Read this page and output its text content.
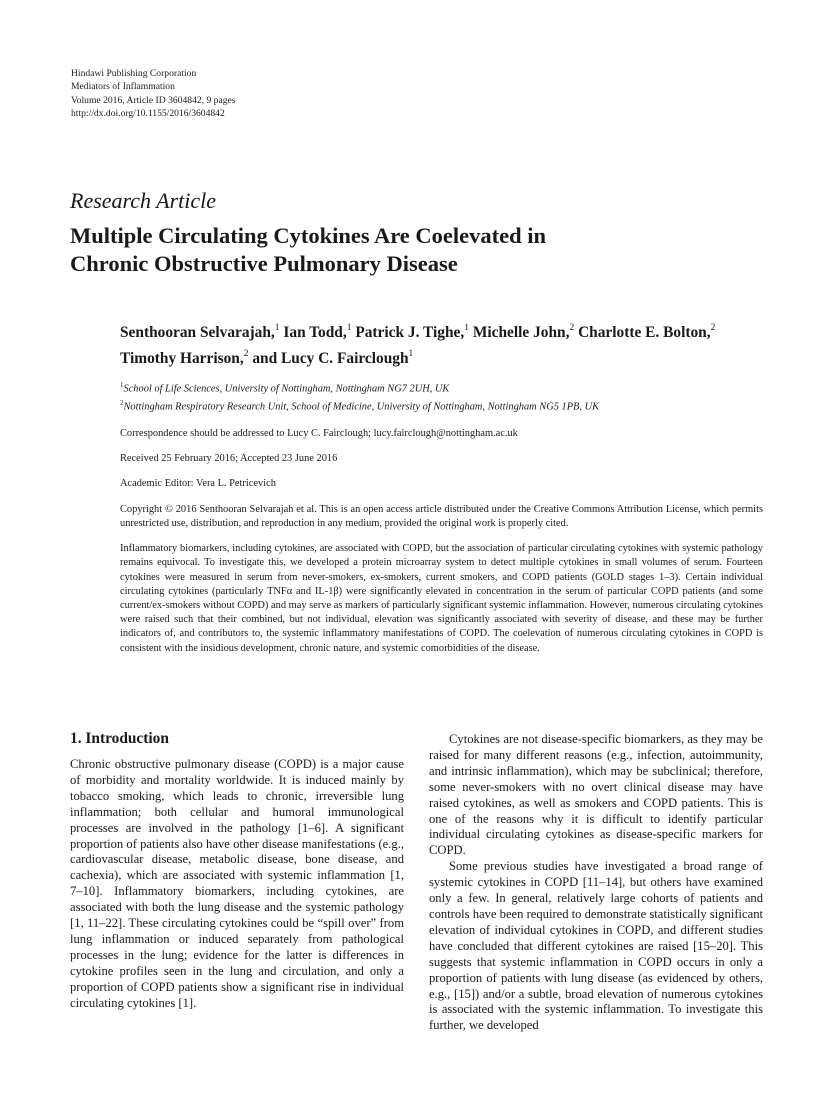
Hindawi Publishing Corporation
Mediators of Inflammation
Volume 2016, Article ID 3604842, 9 pages
http://dx.doi.org/10.1155/2016/3604842
Research Article
Multiple Circulating Cytokines Are Coelevated in
Chronic Obstructive Pulmonary Disease
Senthooran Selvarajah,$^1$ Ian Todd,$^1$ Patrick J. Tighe,$^1$ Michelle John,$^2$ Charlotte E. Bolton,$^2$
Timothy Harrison,$^2$ and Lucy C. Fairclough$^1$
$^1$School of Life Sciences, University of Nottingham, Nottingham NG7 2UH, UK
$^2$Nottingham Respiratory Research Unit, School of Medicine, University of Nottingham, Nottingham NG5 1PB, UK
Correspondence should be addressed to Lucy C. Fairclough; lucy.fairclough@nottingham.ac.uk
Received 25 February 2016; Accepted 23 June 2016
Academic Editor: Vera L. Petricevich
Copyright © 2016 Senthooran Selvarajah et al. This is an open access article distributed under the Creative Commons Attribution License, which permits unrestricted use, distribution, and reproduction in any medium, provided the original work is properly cited.
Inflammatory biomarkers, including cytokines, are associated with COPD, but the association of particular circulating cytokines with systemic pathology remains equivocal. To investigate this, we developed a protein microarray system to detect multiple cytokines in small volumes of serum. Fourteen cytokines were measured in serum from never-smokers, ex-smokers, current smokers, and COPD patients (GOLD stages 1–3). Certain individual circulating cytokines (particularly TNFα and IL-1β) were significantly elevated in concentration in the serum of particular COPD patients (and some current/ex-smokers without COPD) and may serve as markers of particularly significant systemic inflammation. However, numerous circulating cytokines were raised such that their combined, but not individual, elevation was significantly associated with severity of disease, and these may be further indicators of, and contributors to, the systemic inflammatory manifestations of COPD. The coelevation of numerous circulating cytokines in COPD is consistent with the insidious development, chronic nature, and systemic comorbidities of the disease.
1. Introduction

Chronic obstructive pulmonary disease (COPD) is a major cause of morbidity and mortality worldwide. It is induced mainly by tobacco smoking, which leads to chronic, irreversible lung inflammation; both cellular and humoral immunological processes are involved in the pathology [1–6]. A significant proportion of patients also have other disease manifestations (e.g., cardiovascular disease, metabolic disease, bone disease, and cachexia), which are associated with systemic inflammation [1, 7–10]. Inflammatory biomarkers, including cytokines, are associated with both the lung disease and the systemic pathology [1, 11–22]. These circulating cytokines could be “spill over” from lung inflammation or induced separately from pathological processes in the lung; evidence for the latter is differences in cytokine profiles seen in the lung and circulation, and only a proportion of COPD patients show a significant rise in individual circulating cytokines [1].

Cytokines are not disease-specific biomarkers, as they may be raised for many different reasons (e.g., infection, autoimmunity, and intrinsic inflammation), which may be subclinical; therefore, some never-smokers with no overt clinical disease may have raised cytokines, as well as smokers and COPD patients. This is one of the reasons why it is difficult to identify particular individual circulating cytokines as disease-specific markers for COPD.

Some previous studies have investigated a broad range of systemic cytokines in COPD [11–14], but others have examined only a few. In general, relatively large cohorts of patients and controls have been required to demonstrate statistically significant elevation of individual cytokines in COPD, and different studies have concluded that different cytokines are raised [15–20]. This suggests that systemic inflammation in COPD occurs in only a proportion of patients with lung disease (as evidenced by others, e.g., [15]) and/or a subtle, broad elevation of numerous cytokines is associated with the systemic inflammation. To investigate this further, we developed
